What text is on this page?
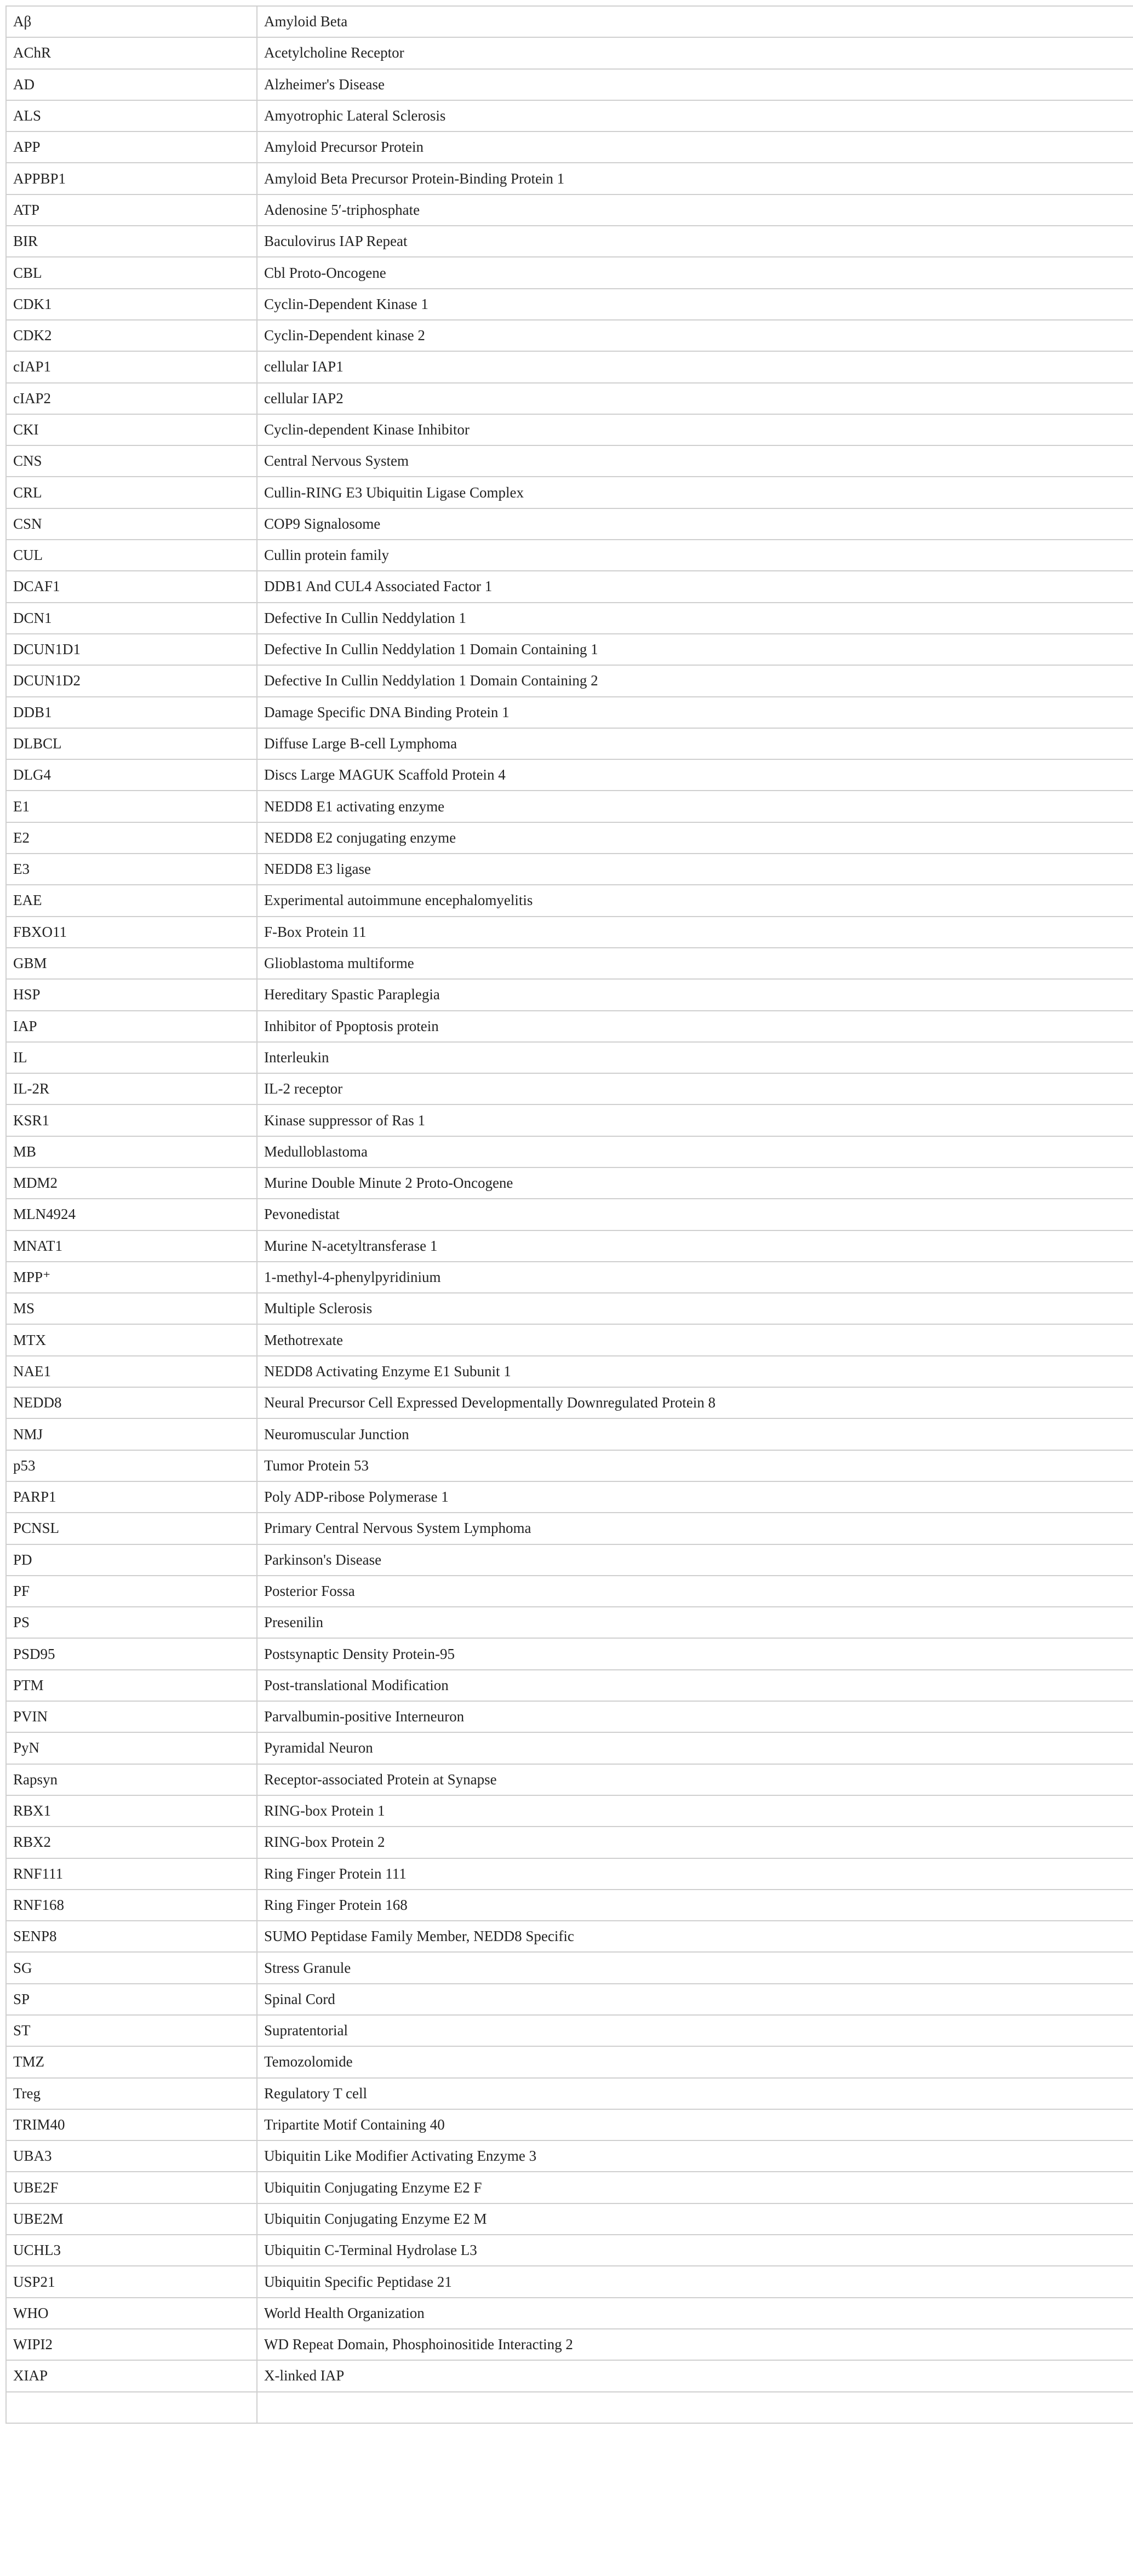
Aβ	Amyloid Beta
AChR	Acetylcholine Receptor
AD	Alzheimer's Disease
ALS	Amyotrophic Lateral Sclerosis
APP	Amyloid Precursor Protein
APPBP1	Amyloid Beta Precursor Protein-Binding Protein 1
ATP	Adenosine 5′-triphosphate
BIR	Baculovirus IAP Repeat
CBL	Cbl Proto-Oncogene
CDK1	Cyclin-Dependent Kinase 1
CDK2	Cyclin-Dependent kinase 2
cIAP1	cellular IAP1
cIAP2	cellular IAP2
CKI	Cyclin-dependent Kinase Inhibitor
CNS	Central Nervous System
CRL	Cullin-RING E3 Ubiquitin Ligase Complex
CSN	COP9 Signalosome
CUL	Cullin protein family
DCAF1	DDB1 And CUL4 Associated Factor 1
DCN1	Defective In Cullin Neddylation 1
DCUN1D1	Defective In Cullin Neddylation 1 Domain Containing 1
DCUN1D2	Defective In Cullin Neddylation 1 Domain Containing 2
DDB1	Damage Specific DNA Binding Protein 1
DLBCL	Diffuse Large B-cell Lymphoma
DLG4	Discs Large MAGUK Scaffold Protein 4
E1	NEDD8 E1 activating enzyme
E2	NEDD8 E2 conjugating enzyme
E3	NEDD8 E3 ligase
EAE	Experimental autoimmune encephalomyelitis
FBXO11	F-Box Protein 11
GBM	Glioblastoma multiforme
HSP	Hereditary Spastic Paraplegia
IAP	Inhibitor of Ppoptosis protein
IL	Interleukin
IL-2R	IL-2 receptor
KSR1	Kinase suppressor of Ras 1
MB	Medulloblastoma
MDM2	Murine Double Minute 2 Proto-Oncogene
MLN4924	Pevonedistat
MNAT1	Murine N-acetyltransferase 1
MPP⁺	1-methyl-4-phenylpyridinium
MS	Multiple Sclerosis
MTX	Methotrexate
NAE1	NEDD8 Activating Enzyme E1 Subunit 1
NEDD8	Neural Precursor Cell Expressed Developmentally Downregulated Protein 8
NMJ	Neuromuscular Junction
p53	Tumor Protein 53
PARP1	Poly ADP-ribose Polymerase 1
PCNSL	Primary Central Nervous System Lymphoma
PD	Parkinson's Disease
PF	Posterior Fossa
PS	Presenilin
PSD95	Postsynaptic Density Protein-95
PTM	Post-translational Modification
PVIN	Parvalbumin-positive Interneuron
PyN	Pyramidal Neuron
Rapsyn	Receptor-associated Protein at Synapse
RBX1	RING-box Protein 1
RBX2	RING-box Protein 2
RNF111	Ring Finger Protein 111
RNF168	Ring Finger Protein 168
SENP8	SUMO Peptidase Family Member, NEDD8 Specific
SG	Stress Granule
SP	Spinal Cord
ST	Supratentorial
TMZ	Temozolomide
Treg	Regulatory T cell
TRIM40	Tripartite Motif Containing 40
UBA3	Ubiquitin Like Modifier Activating Enzyme 3
UBE2F	Ubiquitin Conjugating Enzyme E2 F
UBE2M	Ubiquitin Conjugating Enzyme E2 M
UCHL3	Ubiquitin C-Terminal Hydrolase L3
USP21	Ubiquitin Specific Peptidase 21
WHO	World Health Organization
WIPI2	WD Repeat Domain, Phosphoinositide Interacting 2
XIAP	X-linked IAP
